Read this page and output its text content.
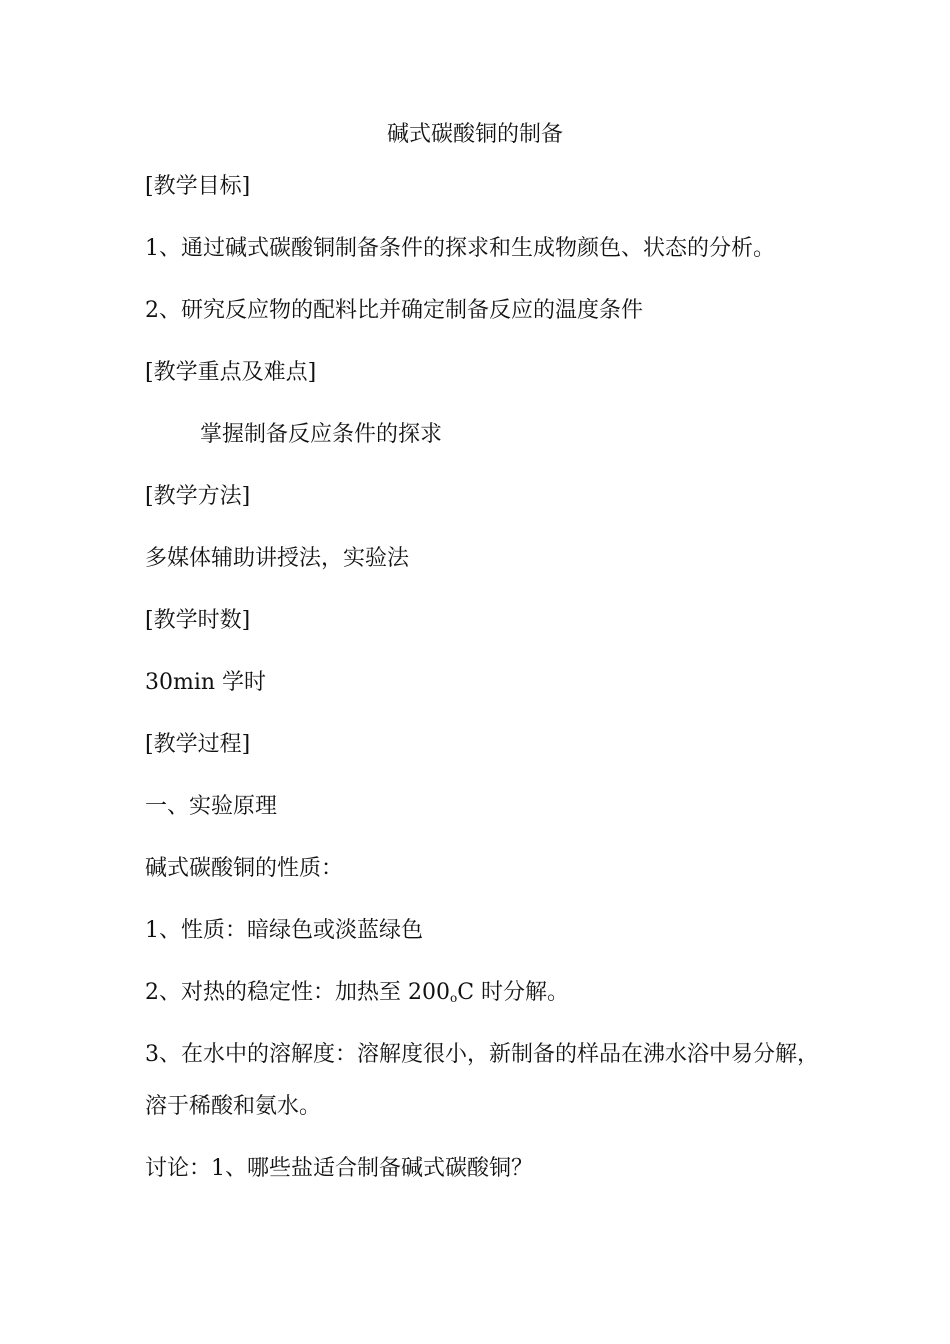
碱式碳酸铜的制备
[教学目标]
1、通过碱式碳酸铜制备条件的探求和生成物颜色、状态的分析。
2、研究反应物的配料比并确定制备反应的温度条件
[教学重点及难点]
掌握制备反应条件的探求
[教学方法]
多媒体辅助讲授法，实验法
[教学时数]
30min 学时
[教学过程]
一、实验原理
碱式碳酸铜的性质：
1、性质：暗绿色或淡蓝绿色
2、对热的稳定性：加热至 $200_oC$ 时分解。
3、在水中的溶解度：溶解度很小，新制备的样品在沸水浴中易分解，
溶于稀酸和氨水。
讨论：1、哪些盐适合制备碱式碳酸铜？
